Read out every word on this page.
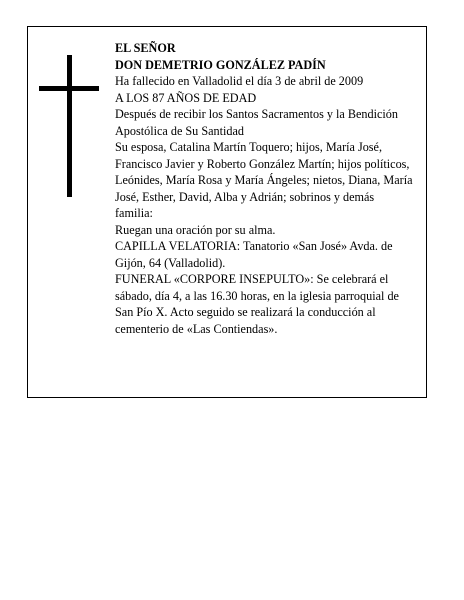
EL SEÑOR

DON DEMETRIO GONZÁLEZ PADÍN

Ha fallecido en Valladolid el día 3 de abril de 2009

A LOS 87 AÑOS DE EDAD

Después de recibir los Santos Sacramentos y la Bendición Apostólica de Su Santidad

Su esposa, Catalina Martín Toquero; hijos, María José, Francisco Javier y Roberto González Martín; hijos políticos, Leónides, María Rosa y María Ángeles; nietos, Diana, María José, Esther, David, Alba y Adrián; sobrinos y demás familia:

Ruegan una oración por su alma.

CAPILLA VELATORIA: Tanatorio «San José» Avda. de Gijón, 64 (Valladolid).

FUNERAL «CORPORE INSEPULTO»: Se celebrará el sábado, día 4, a las 16.30 horas, en la iglesia parroquial de San Pío X. Acto seguido se realizará la conducción al cementerio de «Las Contiendas».
